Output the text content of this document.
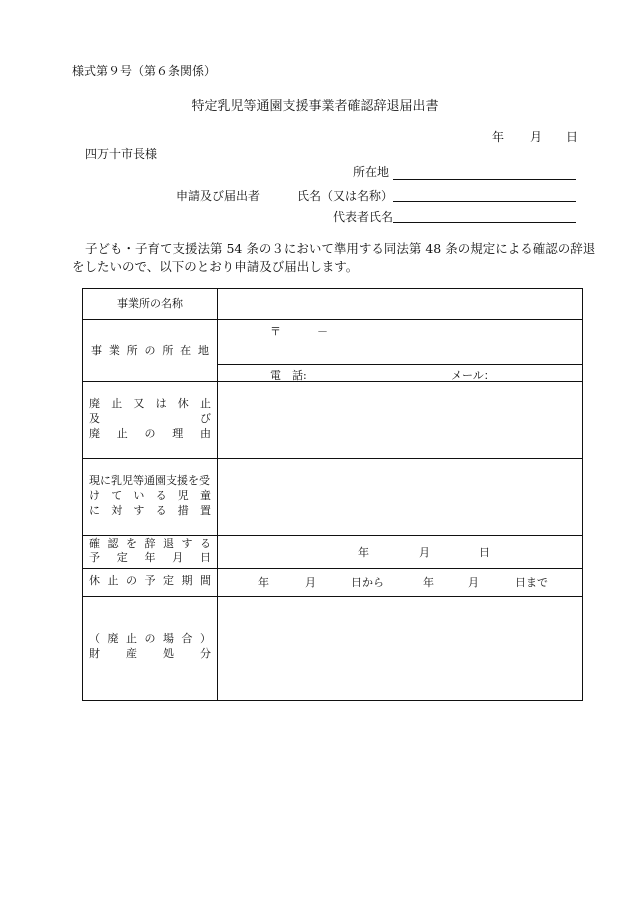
様式第９号（第６条関係）
特定乳児等通園支援事業者確認辞退届出書
年 月 日
四万十市長様
所在地
申請及び届出者	氏名（又は名称）
代表者氏名
子ども・子育て支援法第 54 条の３において準用する同法第 48 条の規定による確認の辞退
をしたいので、以下のとおり申請及び届出します。
事業所の名称
事 業 所 の 所 在 地
〒	－
電　話:	メール：
廃 止 又 は 休 止
及	び
廃 止 の 理 由
現に乳児等通園支援を受
け て い る 児 童
に 対 す る 措 置
確 認 を 辞 退 す る
予 定 年 月 日	年	月	日
休 止 の 予 定 期 間	年	月	日から	年	月	日まで
（ 廃 止 の 場 合 ）
財 産 処 分
